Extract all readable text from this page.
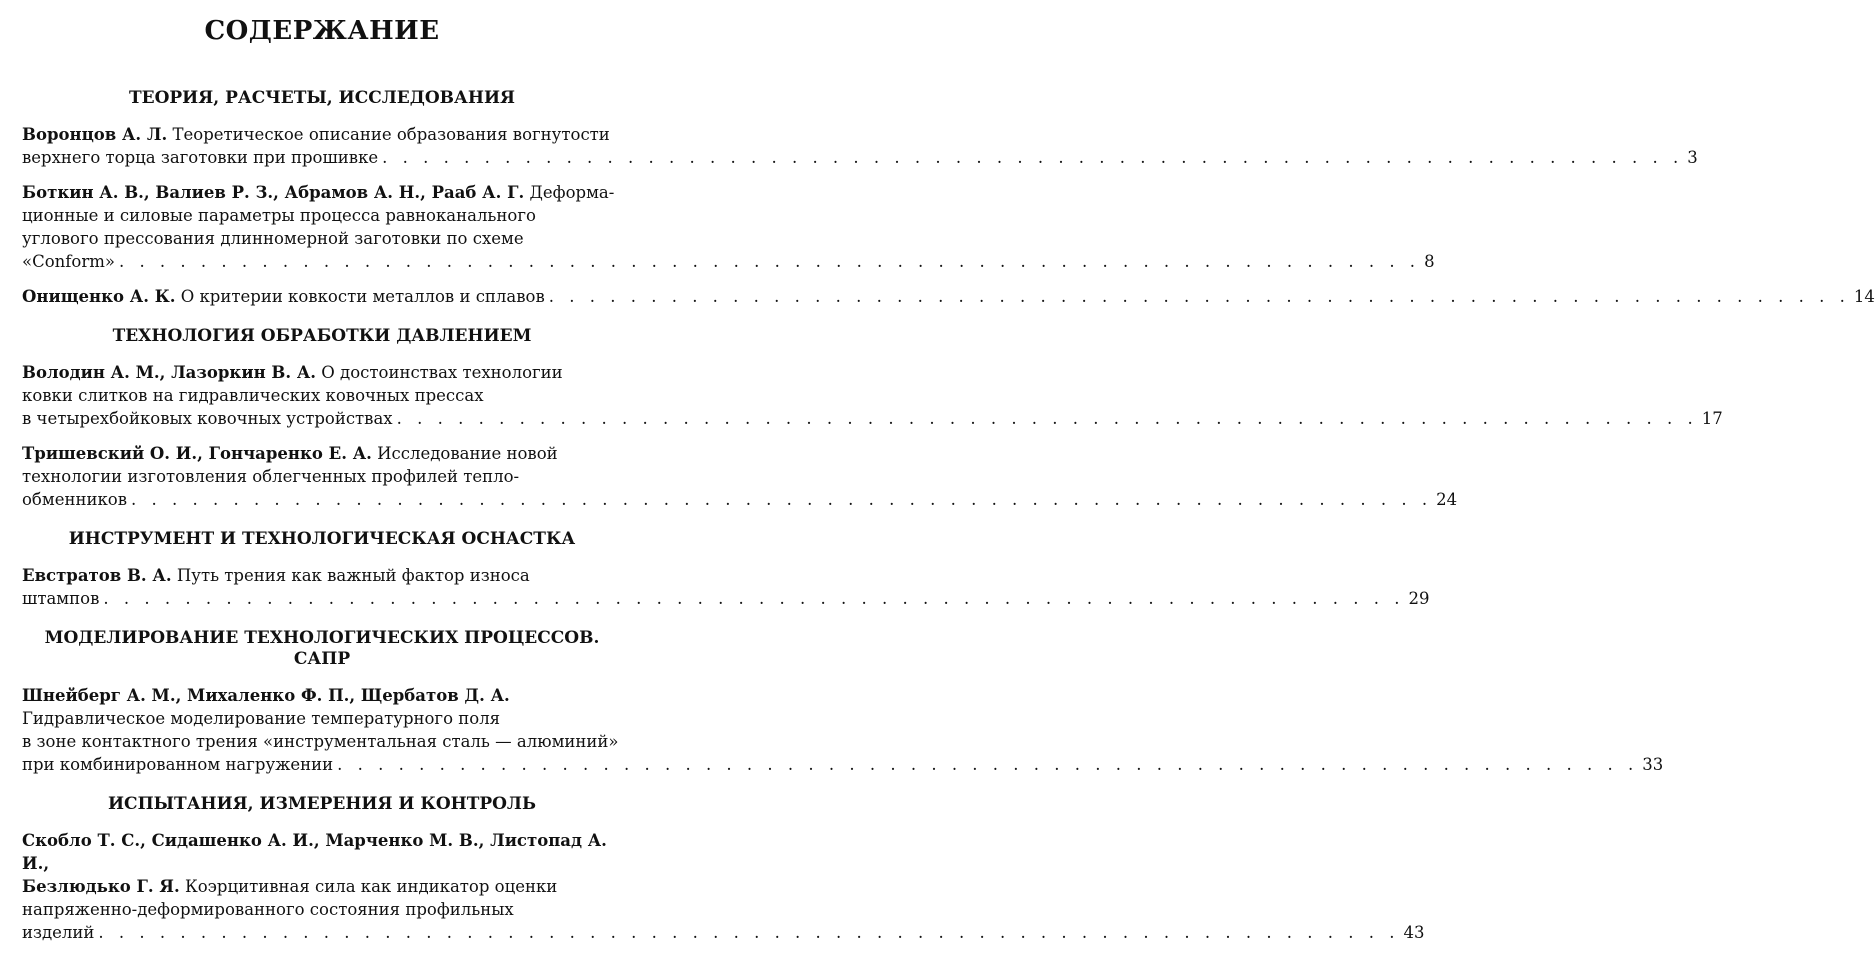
СОДЕРЖАНИЕ
ТЕОРИЯ, РАСЧЕТЫ, ИССЛЕДОВАНИЯ
Воронцов А. Л. Теоретическое описание образования вогнутости
верхнего торца заготовки при прошивке . . . . . . . . . . . . . . . . . . . . . . . . . . . . . . . . . . . . . . . . . . . . . . . . . . . . . . . . . . . . . . . . 3
Боткин А. В., Валиев Р. З., Абрамов А. Н., Рааб А. Г. Деформа-
ционные и силовые параметры процесса равноканального
углового прессования длинномерной заготовки по схеме
«Conform» . . . . . . . . . . . . . . . . . . . . . . . . . . . . . . . . . . . . . . . . . . . . . . . . . . . . . . . . . . . . . . . . 8
Онищенко А. К. О критерии ковкости металлов и сплавов . . . . . . . . . . . . . . . . . . . . . . . . . . . . . . . . . . . . . . . . . . . . . . . . . . . . . . . . . . . . . . . . 14
ТЕХНОЛОГИЯ ОБРАБОТКИ ДАВЛЕНИЕМ
Володин А. М., Лазоркин В. А. О достоинствах технологии
ковки слитков на гидравлических ковочных прессах
в четырехбойковых ковочных устройствах . . . . . . . . . . . . . . . . . . . . . . . . . . . . . . . . . . . . . . . . . . . . . . . . . . . . . . . . . . . . . . . . 17
Тришевский О. И., Гончаренко Е. А. Исследование новой
технологии изготовления облегченных профилей тепло-
обменников . . . . . . . . . . . . . . . . . . . . . . . . . . . . . . . . . . . . . . . . . . . . . . . . . . . . . . . . . . . . . . . . 24
ИНСТРУМЕНТ И ТЕХНОЛОГИЧЕСКАЯ ОСНАСТКА
Евстратов В. А. Путь трения как важный фактор износа
штампов . . . . . . . . . . . . . . . . . . . . . . . . . . . . . . . . . . . . . . . . . . . . . . . . . . . . . . . . . . . . . . . . 29
МОДЕЛИРОВАНИЕ ТЕХНОЛОГИЧЕСКИХ ПРОЦЕССОВ.
САПР
Шнейберг А. М., Михаленко Ф. П., Щербатов Д. А.
Гидравлическое моделирование температурного поля
в зоне контактного трения «инструментальная сталь — алюминий»
при комбинированном нагружении . . . . . . . . . . . . . . . . . . . . . . . . . . . . . . . . . . . . . . . . . . . . . . . . . . . . . . . . . . . . . . . . 33
ИСПЫТАНИЯ, ИЗМЕРЕНИЯ И КОНТРОЛЬ
Скобло Т. С., Сидашенко А. И., Марченко М. В., Листопад А. И.,
Безлюдько Г. Я. Коэрцитивная сила как индикатор оценки
напряженно-деформированного состояния профильных
изделий . . . . . . . . . . . . . . . . . . . . . . . . . . . . . . . . . . . . . . . . . . . . . . . . . . . . . . . . . . . . . . . . 43
